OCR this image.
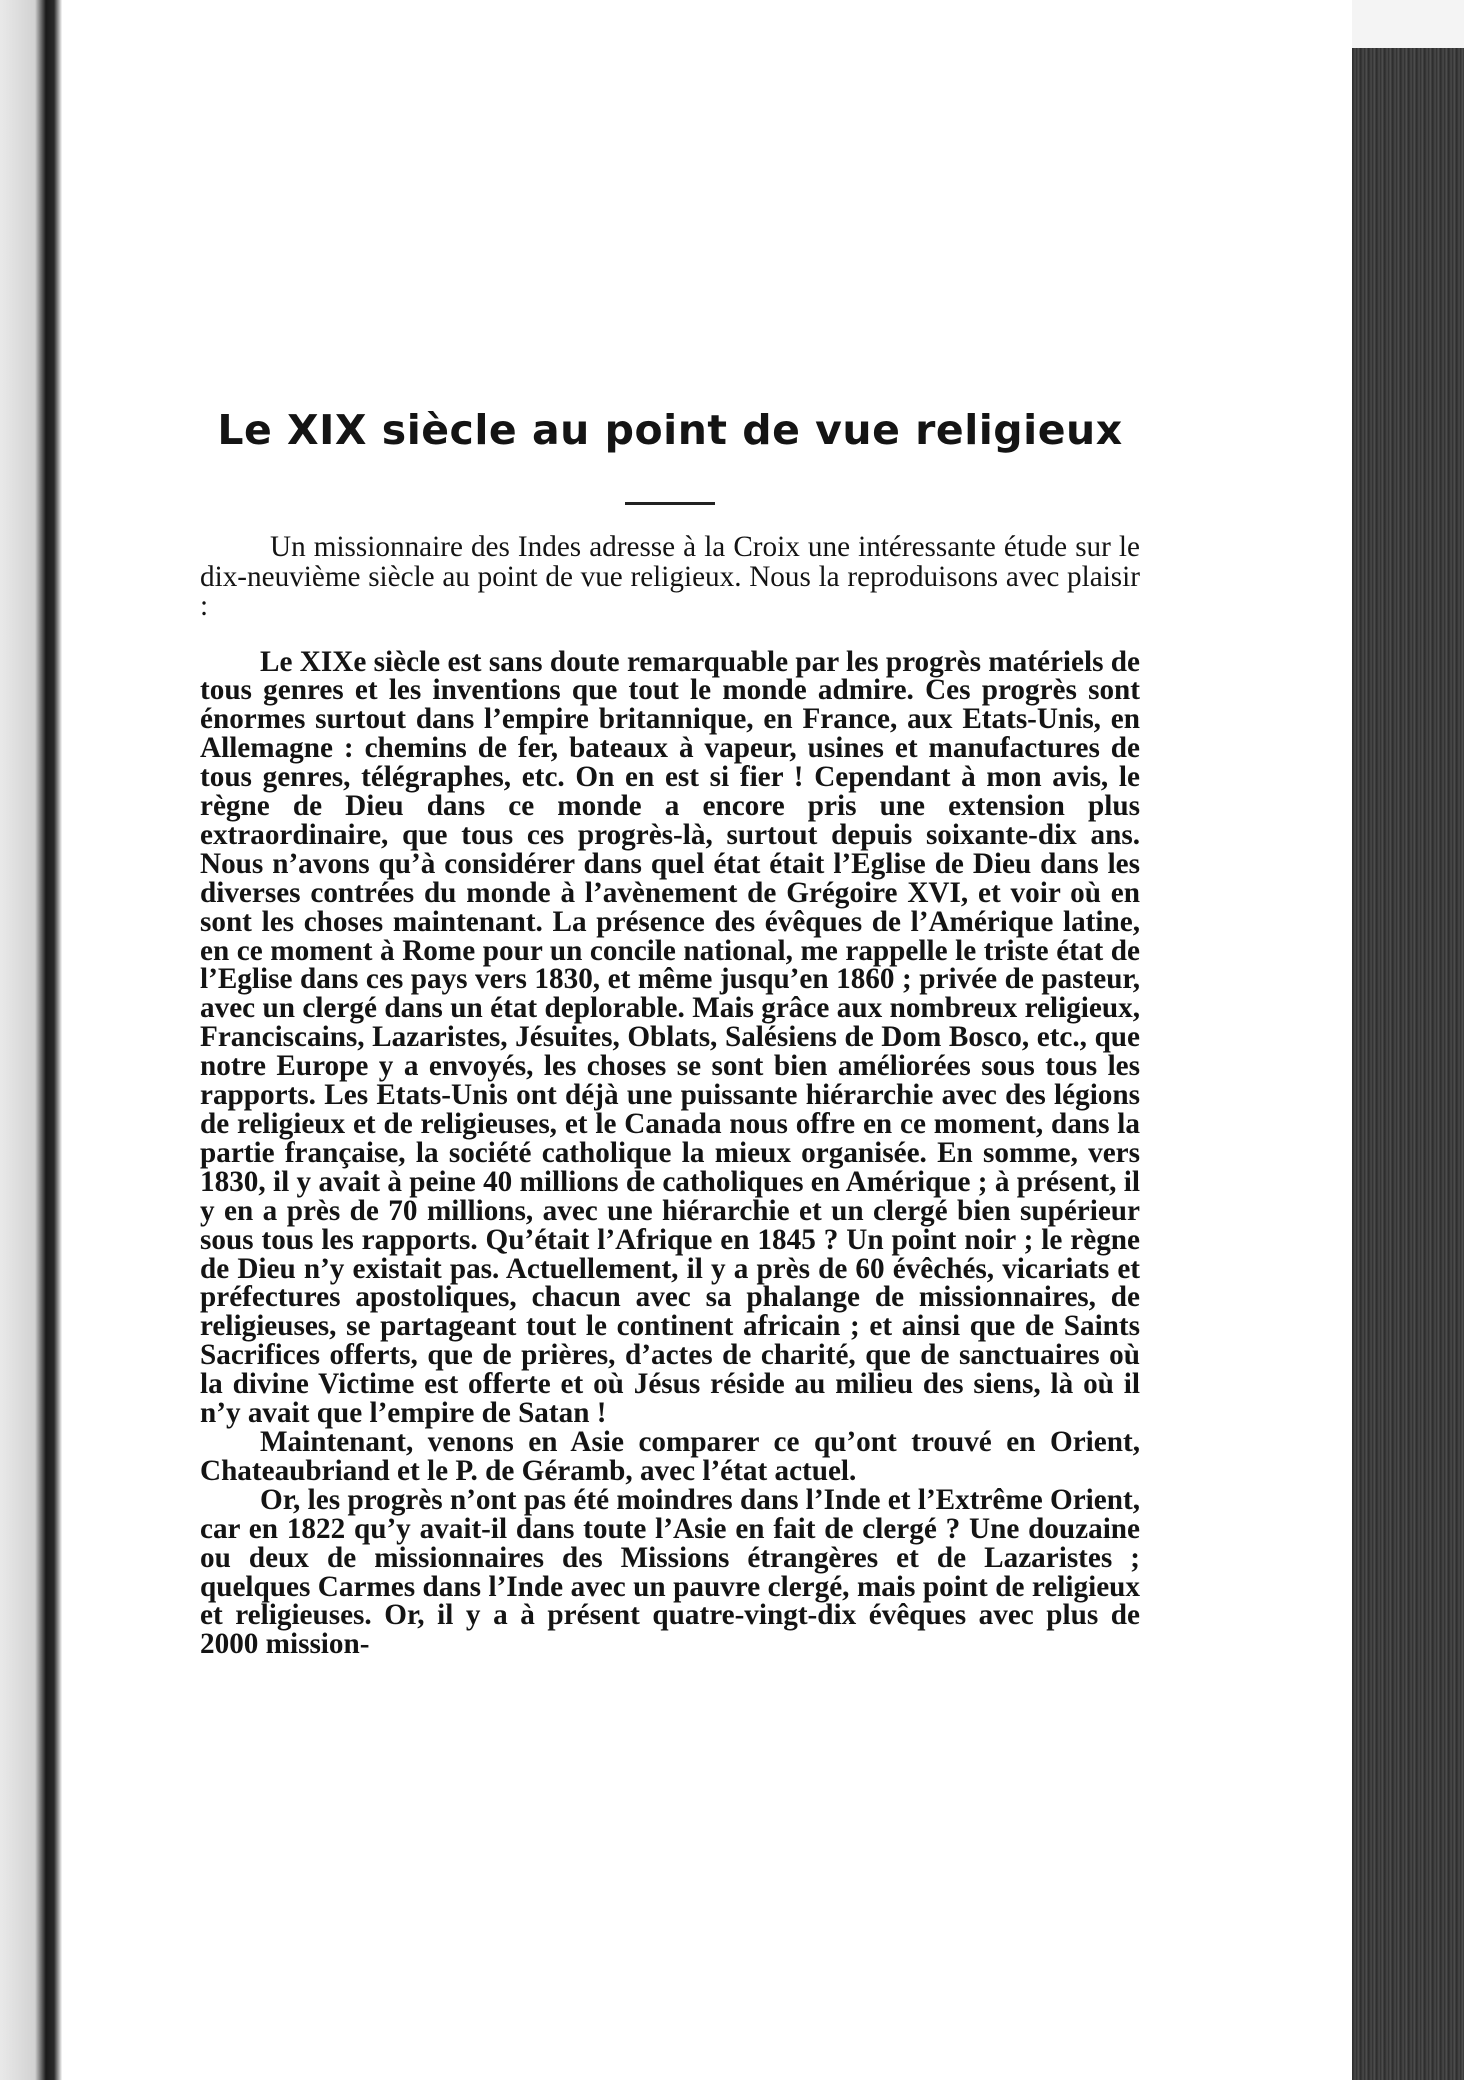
Le XIX siècle au point de vue religieux

Un missionnaire des Indes adresse à la Croix une intéressante étude sur le dix-neuvième siècle au point de vue religieux. Nous la reproduisons avec plaisir :

Le XIXe siècle est sans doute remarquable par les progrès matériels de tous genres et les inventions que tout le monde admire. Ces progrès sont énormes surtout dans l’empire britannique, en France, aux Etats-Unis, en Allemagne : chemins de fer, bateaux à vapeur, usines et manufactures de tous genres, télégraphes, etc. On en est si fier ! Cependant à mon avis, le règne de Dieu dans ce monde a encore pris une extension plus extraordinaire, que tous ces progrès-là, surtout depuis soixante-dix ans. Nous n’avons qu’à considérer dans quel état était l’Eglise de Dieu dans les diverses contrées du monde à l’avènement de Grégoire XVI, et voir où en sont les choses maintenant. La présence des évêques de l’Amérique latine, en ce moment à Rome pour un concile national, me rappelle le triste état de l’Eglise dans ces pays vers 1830, et même jusqu’en 1860 ; privée de pasteur, avec un clergé dans un état deplorable. Mais grâce aux nombreux religieux, Franciscains, Lazaristes, Jésuites, Oblats, Salésiens de Dom Bosco, etc., que notre Europe y a envoyés, les choses se sont bien améliorées sous tous les rapports. Les Etats-Unis ont déjà une puissante hiérarchie avec des légions de religieux et de religieuses, et le Canada nous offre en ce moment, dans la partie française, la société catholique la mieux organisée. En somme, vers 1830, il y avait à peine 40 millions de catholiques en Amérique ; à présent, il y en a près de 70 millions, avec une hiérarchie et un clergé bien supérieur sous tous les rapports. Qu’était l’Afrique en 1845 ? Un point noir ; le règne de Dieu n’y existait pas. Actuellement, il y a près de 60 évêchés, vicariats et préfectures apostoliques, chacun avec sa phalange de missionnaires, de religieuses, se partageant tout le continent africain ; et ainsi que de Saints Sacrifices offerts, que de prières, d’actes de charité, que de sanctuaires où la divine Victime est offerte et où Jésus réside au milieu des siens, là où il n’y avait que l’empire de Satan !

Maintenant, venons en Asie comparer ce qu’ont trouvé en Orient, Chateaubriand et le P. de Géramb, avec l’état actuel.

Or, les progrès n’ont pas été moindres dans l’Inde et l’Extrême Orient, car en 1822 qu’y avait-il dans toute l’Asie en fait de clergé ? Une douzaine ou deux de missionnaires des Missions étrangères et de Lazaristes ; quelques Carmes dans l’Inde avec un pauvre clergé, mais point de religieux et religieuses. Or, il y a à présent quatre-vingt-dix évêques avec plus de 2000 mission-
